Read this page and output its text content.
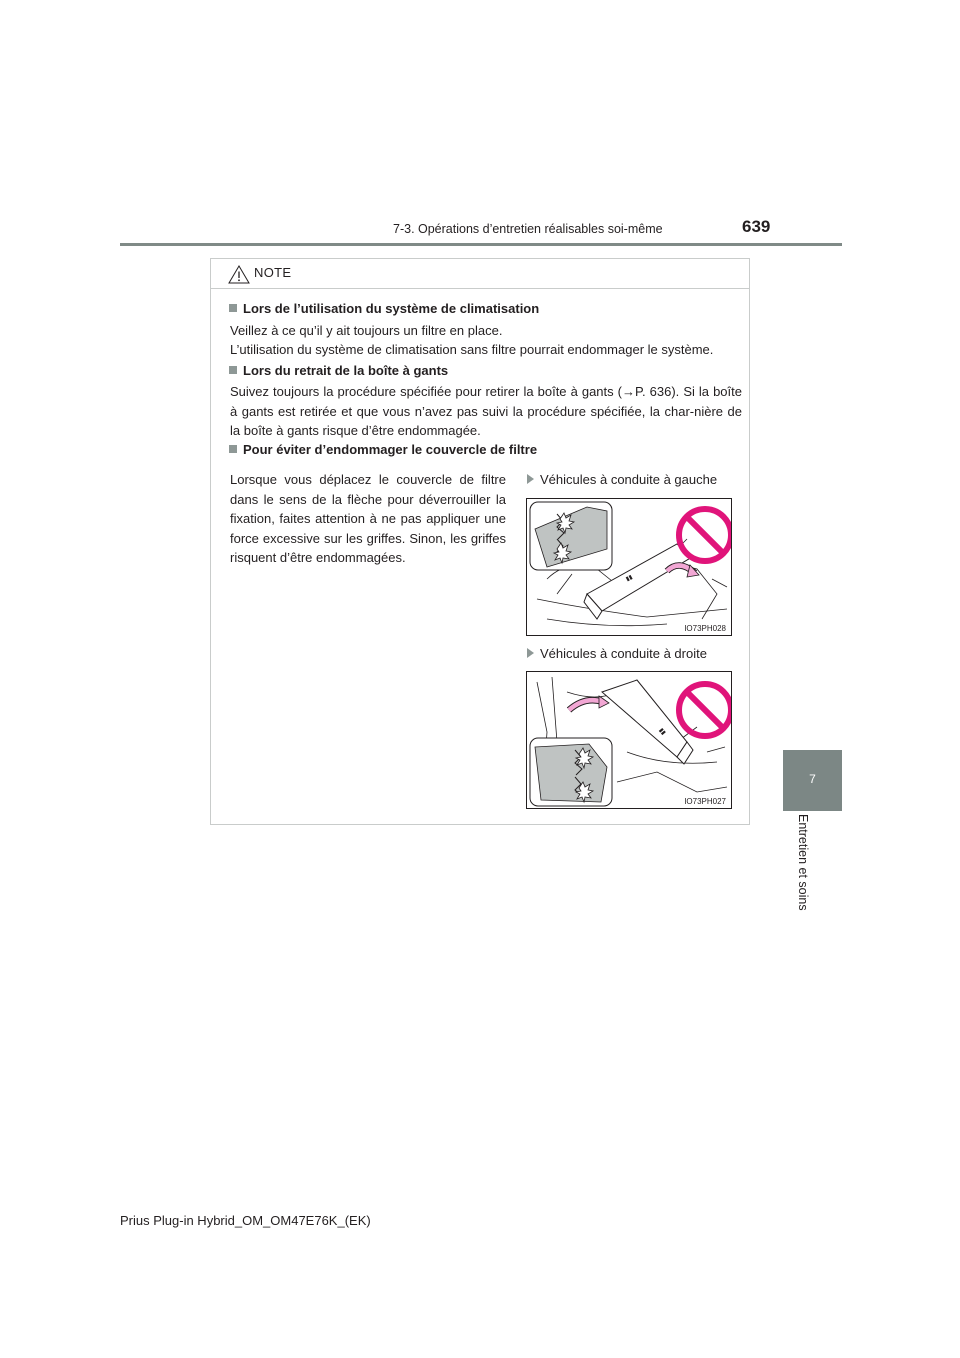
7-3. Opérations d’entretien réalisables soi-même	639
7
Entretien et soins
NOTE
Lors de l’utilisation du système de climatisation
Veillez à ce qu’il y ait toujours un filtre en place.
L’utilisation du système de climatisation sans filtre pourrait endommager le système.
Lors du retrait de la boîte à gants
Suivez toujours la procédure spécifiée pour retirer la boîte à gants (→P. 636). Si la boîte à gants est retirée et que vous n’avez pas suivi la procédure spécifiée, la char-nière de la boîte à gants risque d’être endommagée.
Pour éviter d’endommager le couvercle de filtre
Lorsque vous déplacez le couvercle de filtre dans le sens de la flèche pour déverrouiller la fixation, faites attention à ne pas appliquer une force excessive sur les griffes. Sinon, les griffes risquent d’être endommagées.
Véhicules à conduite à gauche
▮▮
IO73PH028
Véhicules à conduite à droite
▮▮
IO73PH027
Prius Plug-in Hybrid_OM_OM47E76K_(EK)
